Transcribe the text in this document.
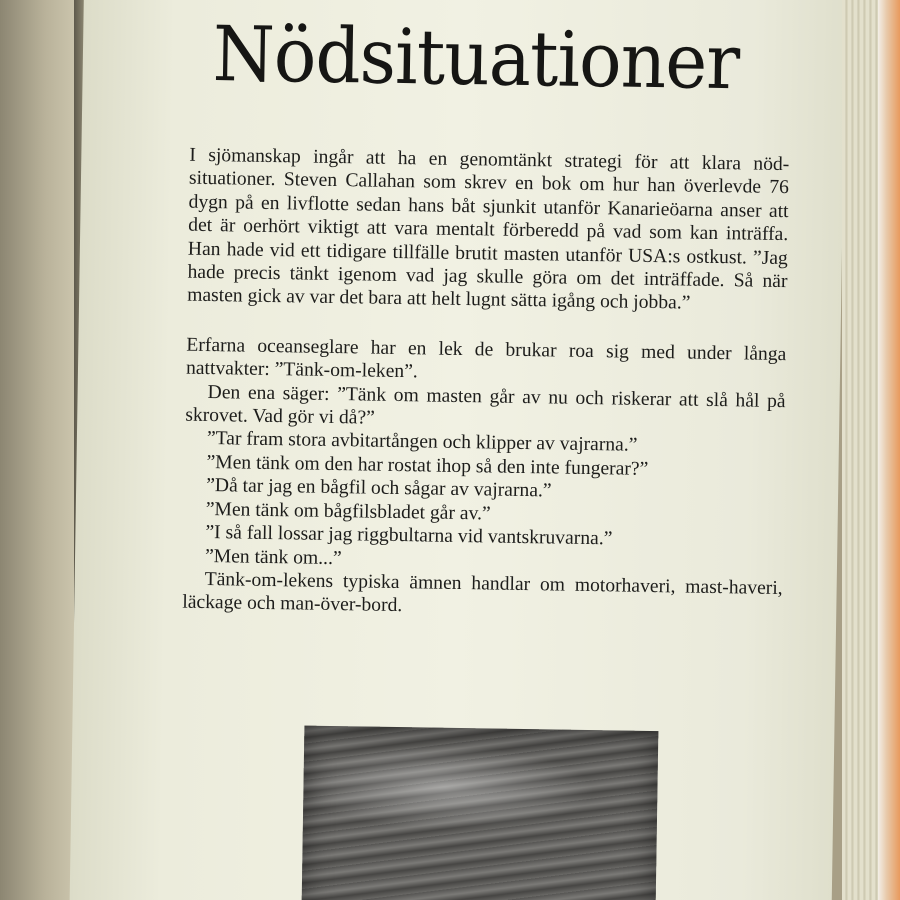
Nödsituationer

I sjömanskap ingår att ha en genomtänkt strategi för att klara nöd-situationer. Steven Callahan som skrev en bok om hur han överlevde 76 dygn på en livflotte sedan hans båt sjunkit utanför Kanarieöarna anser att det är oerhört viktigt att vara mentalt förberedd på vad som kan inträffa. Han hade vid ett tidigare tillfälle brutit masten utanför USA:s ostkust. ”Jag hade precis tänkt igenom vad jag skulle göra om det inträffade. Så när masten gick av var det bara att helt lugnt sätta igång och jobba.”

Erfarna oceanseglare har en lek de brukar roa sig med under långa nattvakter: ”Tänk-om-leken”.

Den ena säger: ”Tänk om masten går av nu och riskerar att slå hål på skrovet. Vad gör vi då?”

”Tar fram stora avbitartången och klipper av vajrarna.”

”Men tänk om den har rostat ihop så den inte fungerar?”

”Då tar jag en bågfil och sågar av vajrarna.”

”Men tänk om bågfilsbladet går av.”

”I så fall lossar jag riggbultarna vid vantskruvarna.”

”Men tänk om...”

Tänk-om-lekens typiska ämnen handlar om motorhaveri, mast-haveri, läckage och man-över-bord.
